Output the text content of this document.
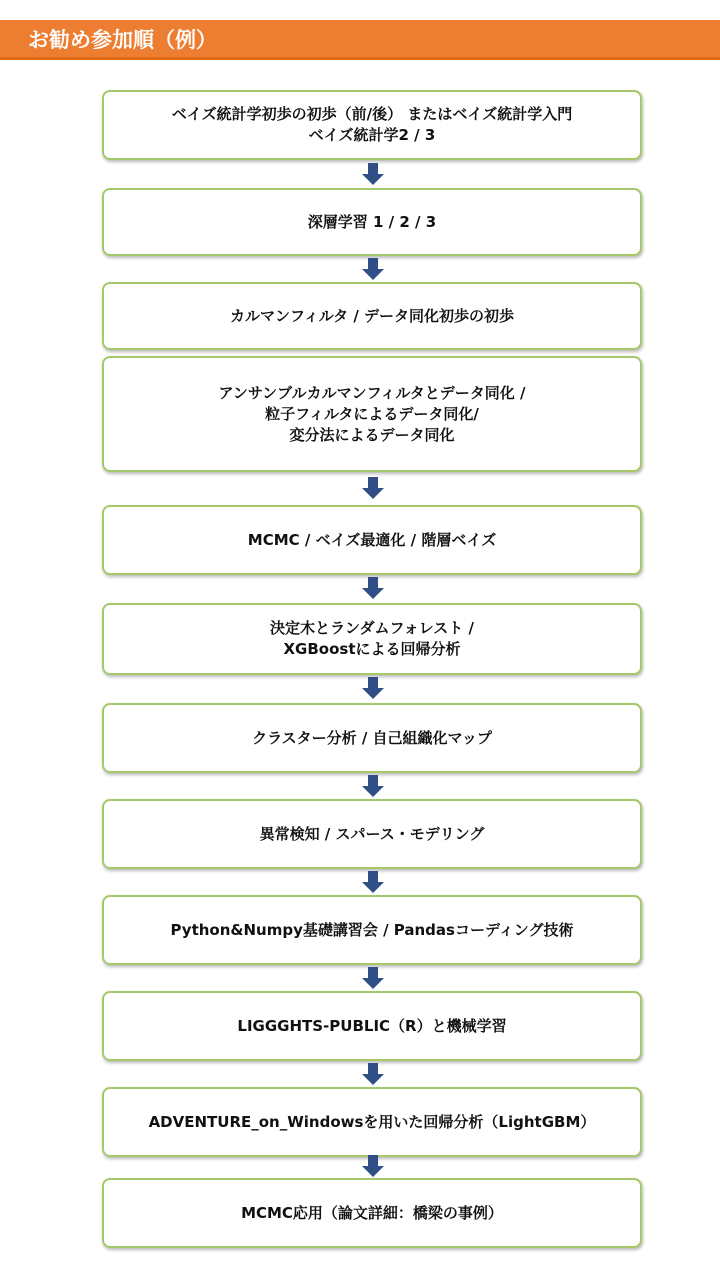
お勧め参加順（例）
ベイズ統計学初歩の初歩（前/後） またはベイズ統計学入門
ベイズ統計学2 / 3
深層学習 1 / 2 / 3
カルマンフィルタ / データ同化初歩の初歩
アンサンブルカルマンフィルタとデータ同化 /
粒子フィルタによるデータ同化/
変分法によるデータ同化
MCMC / ベイズ最適化 / 階層ベイズ
決定木とランダムフォレスト /
XGBoostによる回帰分析
クラスター分析 / 自己組織化マップ
異常検知 / スパース・モデリング
Python&Numpy基礎講習会 / Pandasコーディング技術
LIGGGHTS-PUBLIC（R）と機械学習
ADVENTURE_on_Windowsを用いた回帰分析（LightGBM）
MCMC応用（論文詳細：橋梁の事例）
